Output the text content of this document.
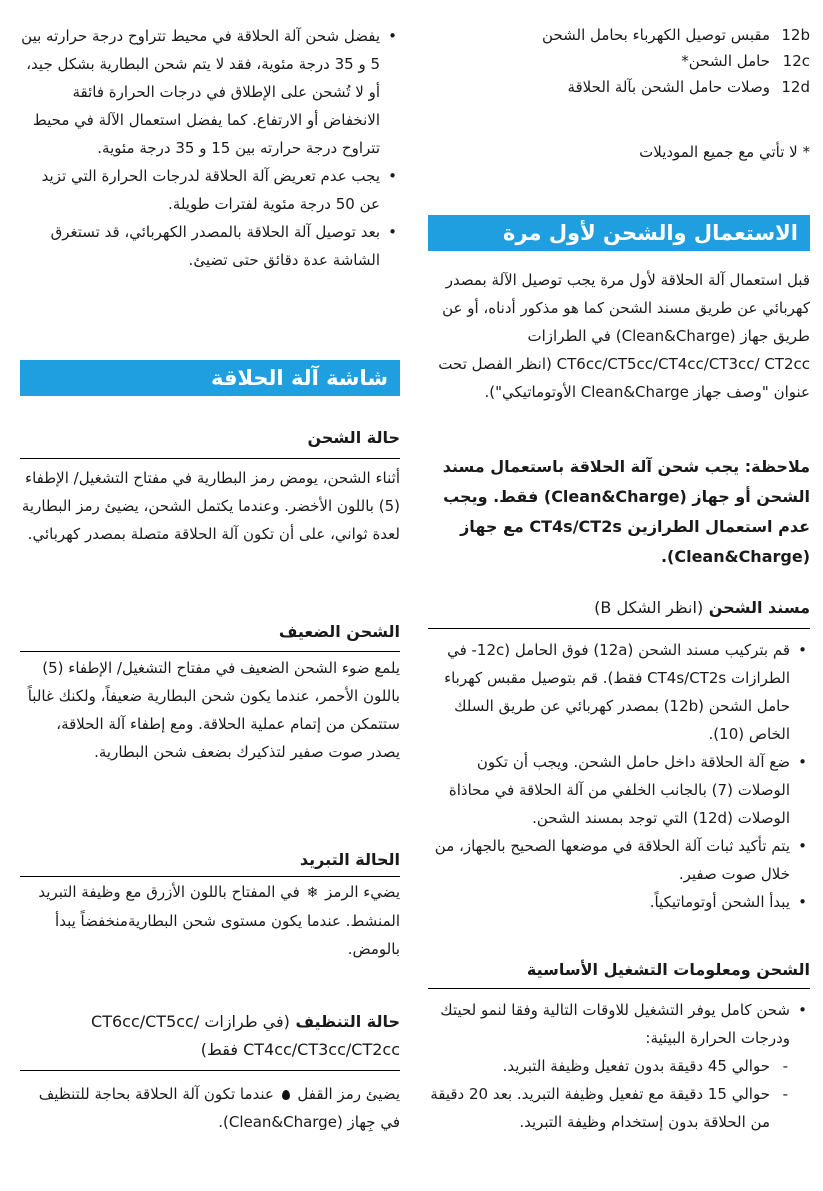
12bمقبس توصيل الكهرباء بحامل الشحن
12cحامل الشحن*
12dوصلات حامل الشحن بآلة الحلاقة

* لا تأتي مع جميع الموديلات

الاستعمال والشحن لأول مرة

قبل استعمال آلة الحلاقة لأول مرة يجب توصيل الآلة بمصدر كهربائي عن طريق مسند الشحن كما هو مذكور أدناه، أو عن طريق جهاز (Clean&Charge) في الطرازات CT6cc/CT5cc/CT4cc/CT3cc/ CT2cc (انظر الفصل تحت عنوان "وصف جهاز Clean&Charge الأوتوماتيكي").

ملاحظة: يجب شحن آلة الحلاقة باستعمال مسند الشحن أو جهاز (Clean&Charge) فقط. ويجب عدم استعمال الطرازين CT4s/CT2s مع جهاز (Clean&Charge).

مسند الشحن (انظر الشكل B)
• قم بتركيب مسند الشحن (12a) فوق الحامل (12c- في الطرازات CT4s/CT2s فقط). قم بتوصيل مقبس كهرباء حامل الشحن (12b) بمصدر كهربائي عن طريق السلك الخاص (10).
• ضع آلة الحلاقة داخل حامل الشحن. ويجب أن تكون الوصلات (7) بالجانب الخلفي من آلة الحلاقة في محاذاة الوصلات (12d) التي توجد بمسند الشحن.
• يتم تأكيد ثبات آلة الحلاقة في موضعها الصحيح بالجهاز، من خلال صوت صفير.
• يبدأ الشحن أوتوماتيكياً.
الشحن ومعلومات التشغيل الأساسية
• شحن كامل يوفر التشغيل للاوقات التالية وفقا لنمو لحيتك ودرجات الحرارة البيئية:
- حوالي 45 دقيقة بدون تفعيل وظيفة التبريد.
- حوالي 15 دقيقة مع تفعيل وظيفة التبريد. بعد 20 دقيقة من الحلاقة بدون إستخدام وظيفة التبريد.
• يفضل شحن آلة الحلاقة في محيط تتراوح درجة حرارته بين 5 و 35 درجة مئوية، فقد لا يتم شحن البطارية بشكل جيد، أو لا تُشحن على الإطلاق في درجات الحرارة فائقة الانخفاض أو الارتفاع. كما يفضل استعمال الآلة في محيط تتراوح درجة حرارته بين 15 و 35 درجة مئوية.
• يجب عدم تعريض آلة الحلاقة لدرجات الحرارة التي تزيد عن 50 درجة مئوية لفترات طويلة.
• بعد توصيل آلة الحلاقة بالمصدر الكهربائي، قد تستغرق الشاشة عدة دقائق حتى تضيئ.
شاشة آلة الحلاقة
حالة الشحن

أثناء الشحن، يومض رمز البطارية في مفتاح التشغيل/ الإطفاء (5) باللون الأخضر. وعندما يكتمل الشحن، يضيئ رمز البطارية لعدة ثواني، على أن تكون آلة الحلاقة متصلة بمصدر كهربائي.

الشحن الضعيف

يلمع ضوء الشحن الضعيف في مفتاح التشغيل/ الإطفاء (5) باللون الأحمر، عندما يكون شحن البطارية ضعيفاً، ولكنك غالباً ستتمكن من إتمام عملية الحلاقة. ومع إطفاء آلة الحلاقة، يصدر صوت صفير لتذكيرك بضعف شحن البطارية.

الحالة التبريد

يضيء الرمز ❄ في المفتاح باللون الأزرق مع وظيفة التبريد المنشط. عندما يكون مستوى شحن البطاريةمنخفضاً يبدأ بالومض.

حالة التنظيف (في طرازات CT6cc/CT5cc/ CT4cc/CT3cc/CT2cc فقط)

يضيئ رمز القفل  عندما تكون آلة الحلاقة بحاجة للتنظيف في جِهاز (Clean&Charge).
